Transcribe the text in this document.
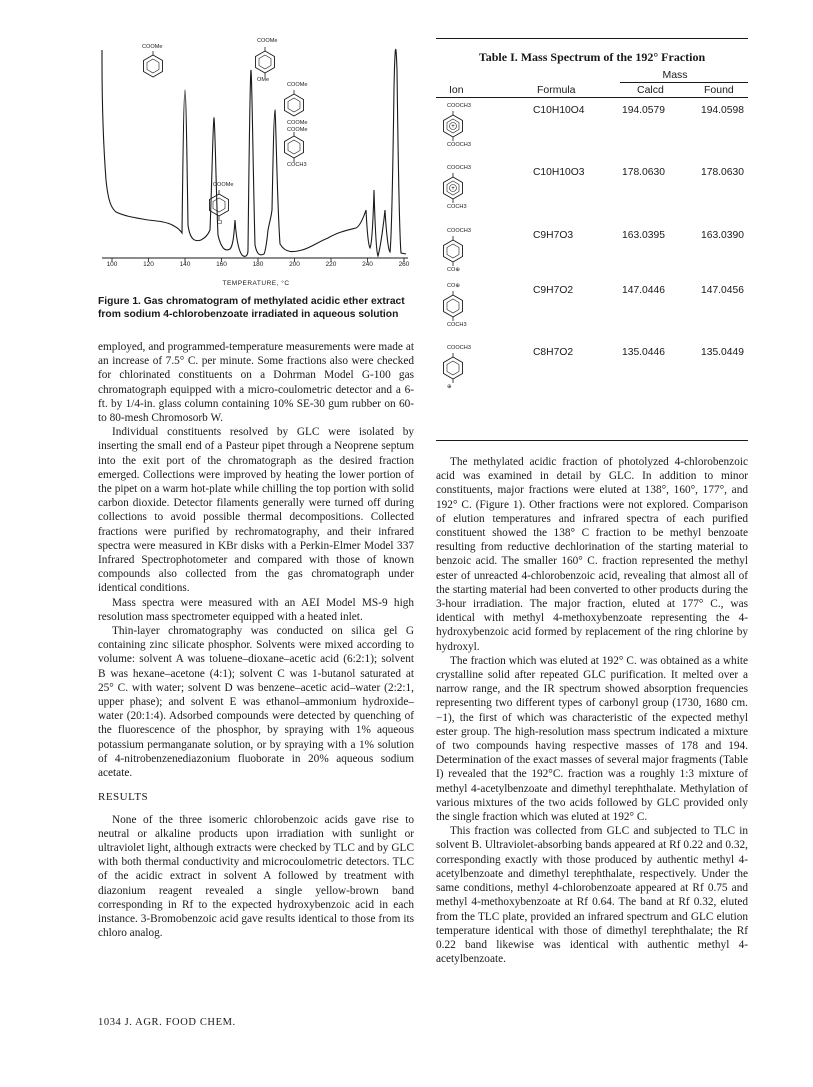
100	120	140	160	180	200	220	240	260
TEMPERATURE, °C
COOMe
COOMe
OMe
COOMe
COOMe
COOMe
COCH3
COOMe
Cl
Figure 1. Gas chromatogram of methylated acidic ether extract from sodium 4-chlorobenzoate irradiated in aqueous solution

employed, and programmed-temperature measurements were made at an increase of 7.5° C. per minute. Some fractions also were checked for chlorinated constituents on a Dohrman Model G-100 gas chromatograph equipped with a micro-coulometric detector and a 6-ft. by 1/4-in. glass column containing 10% SE-30 gum rubber on 60- to 80-mesh Chromosorb W.

Individual constituents resolved by GLC were isolated by inserting the small end of a Pasteur pipet through a Neoprene septum into the exit port of the chromatograph as the desired fraction emerged. Collections were improved by heating the lower portion of the pipet on a warm hot-plate while chilling the top portion with solid carbon dioxide. Detector filaments generally were turned off during collections to avoid possible thermal decompositions. Collected fractions were purified by rechromatography, and their infrared spectra were measured in KBr disks with a Perkin-Elmer Model 337 Infrared Spectrophotometer and compared with those of known compounds also collected from the gas chromatograph under identical conditions.

Mass spectra were measured with an AEI Model MS-9 high resolution mass spectrometer equipped with a heated inlet.

Thin-layer chromatography was conducted on silica gel G containing zinc silicate phosphor. Solvents were mixed according to volume: solvent A was toluene–dioxane–acetic acid (6:2:1); solvent B was hexane–acetone (4:1); solvent C was 1-butanol saturated at 25° C. with water; solvent D was benzene–acetic acid–water (2:2:1, upper phase); and solvent E was ethanol–ammonium hydroxide–water (20:1:4). Adsorbed compounds were detected by quenching of the fluorescence of the phosphor, by spraying with 1% aqueous potassium permanganate solution, or by spraying with a 1% solution of 4-nitrobenzenediazonium fluoborate in 20% aqueous sodium acetate.

RESULTS

None of the three isomeric chlorobenzoic acids gave rise to neutral or alkaline products upon irradiation with sunlight or ultraviolet light, although extracts were checked by TLC and by GLC with both thermal conductivity and microcoulometric detectors. TLC of the acidic extract in solvent A followed by treatment with diazonium reagent revealed a single yellow-brown band corresponding in Rf to the expected hydroxybenzoic acid in each instance. 3-Bromobenzoic acid gave results identical to those from its chloro analog.

Table I. Mass Spectrum of the 192° Fraction
Mass
Ion	Formula	Calcd	Found
COOCH3
+
COOCH3
C10H10O4	194.0579	194.0598
COOCH3
+
COCH3
C10H10O3	178.0630	178.0630
COOCH3
CO⊕
C9H7O3	163.0395	163.0390
CO⊕
COCH3
C9H7O2	147.0446	147.0456
COOCH3
⊕
C8H7O2	135.0446	135.0449

The methylated acidic fraction of photolyzed 4-chlorobenzoic acid was examined in detail by GLC. In addition to minor constituents, major fractions were eluted at 138°, 160°, 177°, and 192° C. (Figure 1). Other fractions were not explored. Comparison of elution temperatures and infrared spectra of each purified constituent showed the 138° C fraction to be methyl benzoate resulting from reductive dechlorination of the starting material to benzoic acid. The smaller 160° C. fraction represented the methyl ester of unreacted 4-chlorobenzoic acid, revealing that almost all of the starting material had been converted to other products during the 3-hour irradiation. The major fraction, eluted at 177° C., was identical with methyl 4-methoxybenzoate representing the 4-hydroxybenzoic acid formed by replacement of the ring chlorine by hydroxyl.

The fraction which was eluted at 192° C. was obtained as a white crystalline solid after repeated GLC purification. It melted over a narrow range, and the IR spectrum showed absorption frequencies representing two different types of carbonyl group (1730, 1680 cm.−1), the first of which was characteristic of the expected methyl ester group. The high-resolution mass spectrum indicated a mixture of two compounds having respective masses of 178 and 194. Determination of the exact masses of several major fragments (Table I) revealed that the 192°C. fraction was a roughly 1:3 mixture of methyl 4-acetylbenzoate and dimethyl terephthalate. Methylation of various mixtures of the two acids followed by GLC provided only the single fraction which was eluted at 192° C.

This fraction was collected from GLC and subjected to TLC in solvent B. Ultraviolet-absorbing bands appeared at Rf 0.22 and 0.32, corresponding exactly with those produced by authentic methyl 4-acetylbenzoate and dimethyl terephthalate, respectively. Under the same conditions, methyl 4-chlorobenzoate appeared at Rf 0.75 and methyl 4-methoxybenzoate at Rf 0.64. The band at Rf 0.32, eluted from the TLC plate, provided an infrared spectrum and GLC elution temperature identical with those of dimethyl terephthalate; the Rf 0.22 band likewise was identical with authentic methyl 4-acetylbenzoate.

1034 J. AGR. FOOD CHEM.
